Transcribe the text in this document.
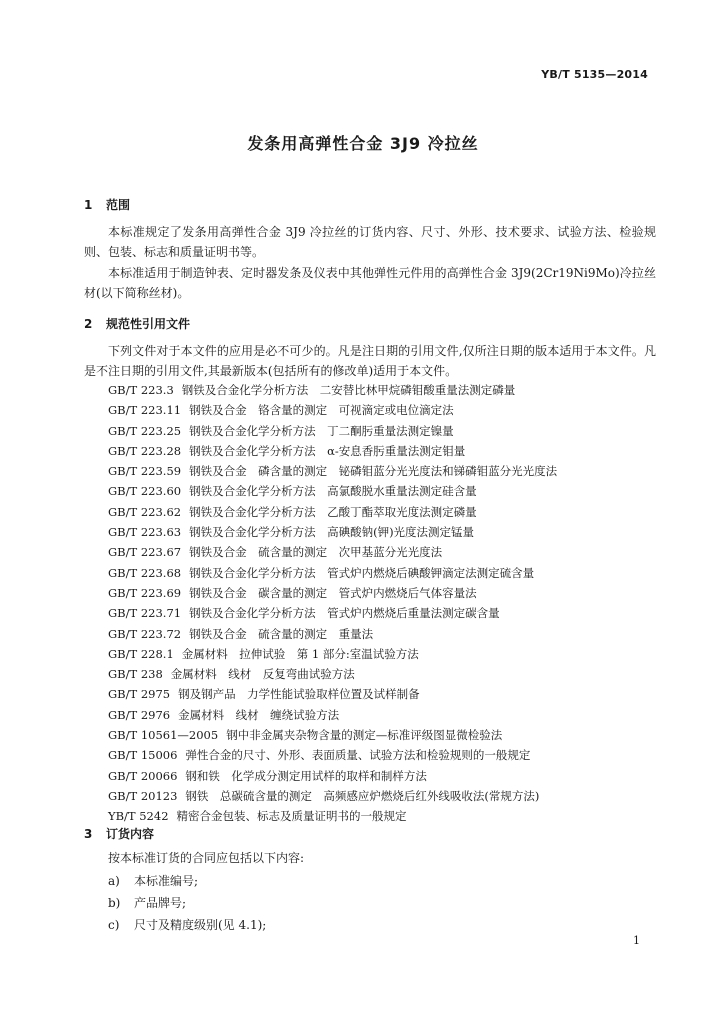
YB/T 5135—2014
发条用高弹性合金 3J9 冷拉丝
1 范围

本标准规定了发条用高弹性合金 3J9 冷拉丝的订货内容、尺寸、外形、技术要求、试验方法、检验规则、包装、标志和质量证明书等。

本标准适用于制造钟表、定时器发条及仪表中其他弹性元件用的高弹性合金 3J9(2Cr19Ni9Mo)冷拉丝材(以下简称丝材)。

2 规范性引用文件

下列文件对于本文件的应用是必不可少的。凡是注日期的引用文件,仅所注日期的版本适用于本文件。凡是不注日期的引用文件,其最新版本(包括所有的修改单)适用于本文件。

GB/T 223.3 钢铁及合金化学分析方法　二安替比林甲烷磷钼酸重量法测定磷量
GB/T 223.11 钢铁及合金　铬含量的测定　可视滴定或电位滴定法
GB/T 223.25 钢铁及合金化学分析方法　丁二酮肟重量法测定镍量
GB/T 223.28 钢铁及合金化学分析方法　α-安息香肟重量法测定钼量
GB/T 223.59 钢铁及合金　磷含量的测定　铋磷钼蓝分光光度法和锑磷钼蓝分光光度法
GB/T 223.60 钢铁及合金化学分析方法　高氯酸脱水重量法测定硅含量
GB/T 223.62 钢铁及合金化学分析方法　乙酸丁酯萃取光度法测定磷量
GB/T 223.63 钢铁及合金化学分析方法　高碘酸钠(钾)光度法测定锰量
GB/T 223.67 钢铁及合金　硫含量的测定　次甲基蓝分光光度法
GB/T 223.68 钢铁及合金化学分析方法　管式炉内燃烧后碘酸钾滴定法测定硫含量
GB/T 223.69 钢铁及合金　碳含量的测定　管式炉内燃烧后气体容量法
GB/T 223.71 钢铁及合金化学分析方法　管式炉内燃烧后重量法测定碳含量
GB/T 223.72 钢铁及合金　硫含量的测定　重量法
GB/T 228.1 金属材料　拉伸试验　第 1 部分:室温试验方法
GB/T 238 金属材料　线材　反复弯曲试验方法
GB/T 2975 钢及钢产品　力学性能试验取样位置及试样制备
GB/T 2976 金属材料　线材　缠绕试验方法
GB/T 10561—2005 钢中非金属夹杂物含量的测定—标准评级图显微检验法
GB/T 15006 弹性合金的尺寸、外形、表面质量、试验方法和检验规则的一般规定
GB/T 20066 钢和铁　化学成分测定用试样的取样和制样方法
GB/T 20123 钢铁　总碳硫含量的测定　高频感应炉燃烧后红外线吸收法(常规方法)
YB/T 5242 精密合金包装、标志及质量证明书的一般规定
3 订货内容
按本标准订货的合同应包括以下内容:
a) 本标准编号;
b) 产品牌号;
c) 尺寸及精度级别(见 4.1);
1
